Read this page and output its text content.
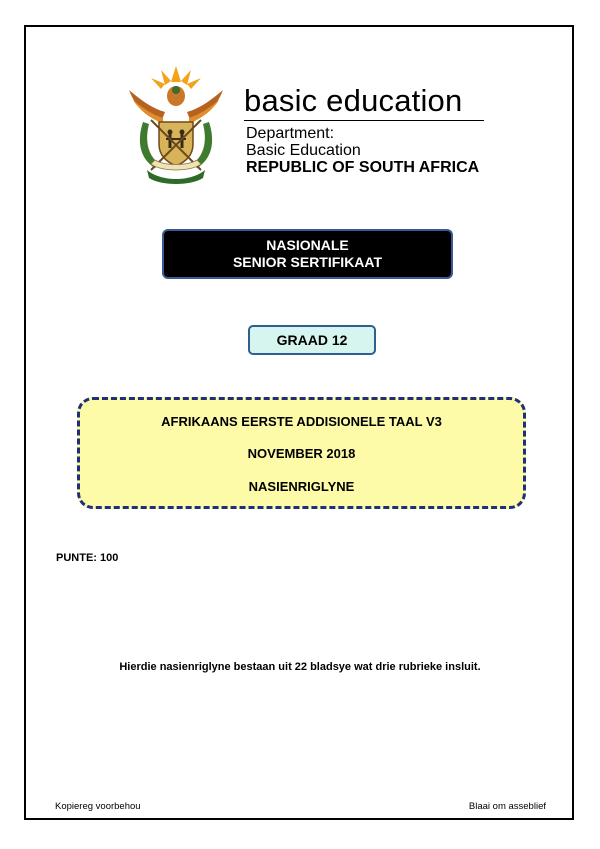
basic education
Department:
Basic Education
REPUBLIC OF SOUTH AFRICA
NASIONALE
SENIOR SERTIFIKAAT
GRAAD 12
AFRIKAANS EERSTE ADDISIONELE TAAL V3
NOVEMBER 2018
NASIENRIGLYNE
PUNTE: 100
Hierdie nasienriglyne bestaan uit 22 bladsye wat drie rubrieke insluit.
Kopiereg voorbehou	Blaai om asseblief
